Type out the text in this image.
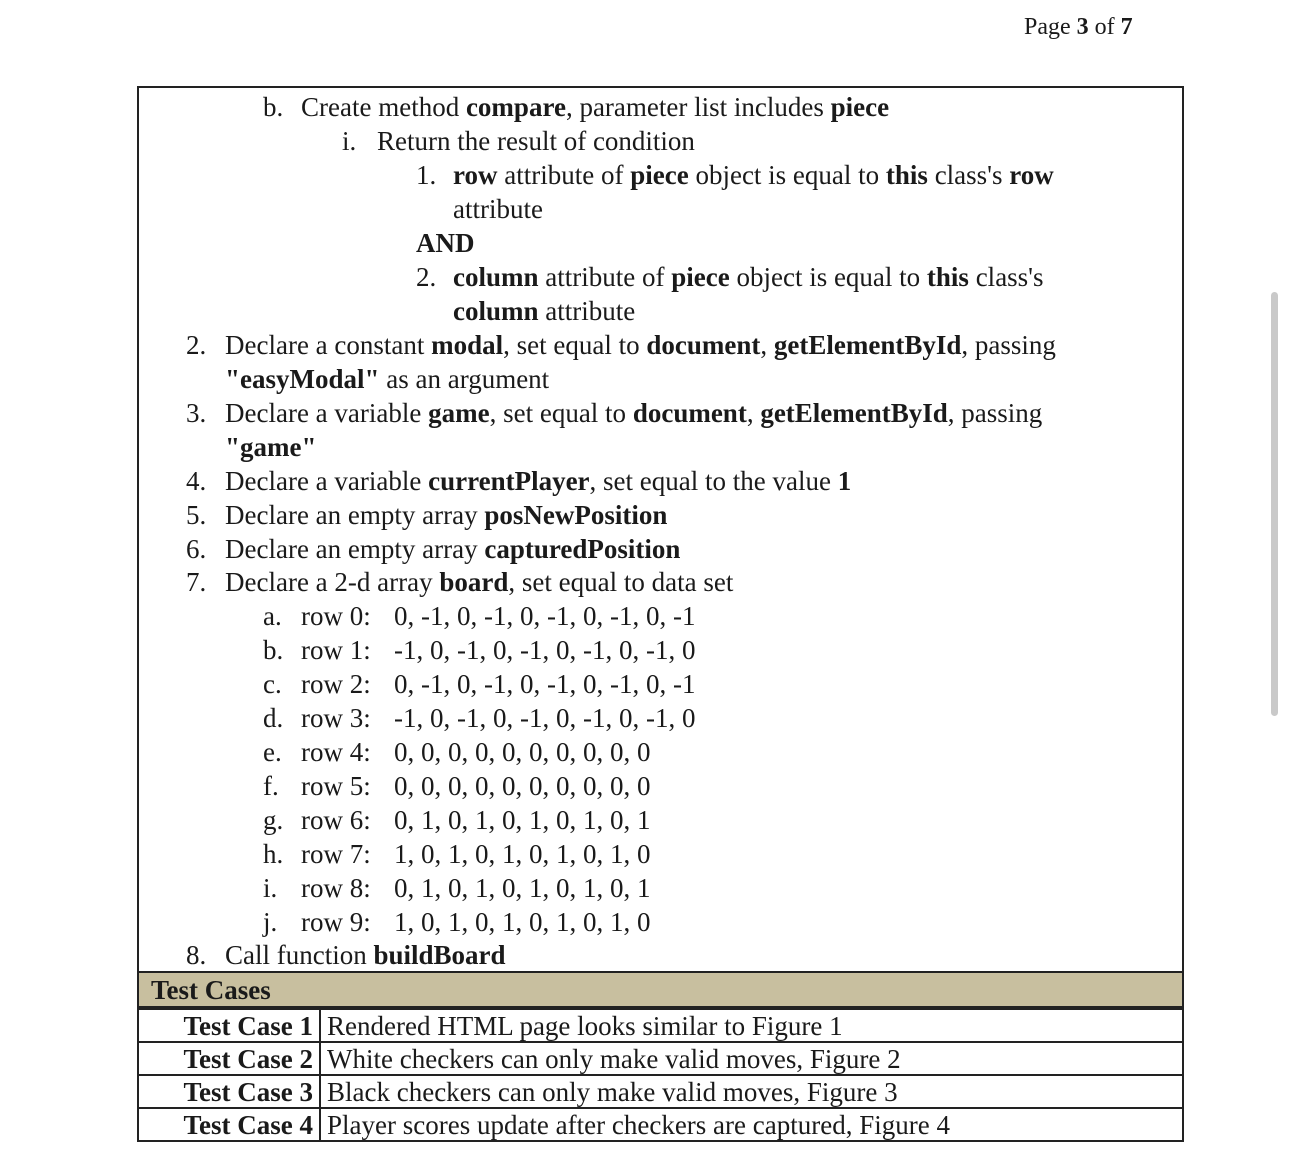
Page 3 of 7
b. Create method compare, parameter list includes piece
i. Return the result of condition
1. row attribute of piece object is equal to this class's row
attribute
AND
2. column attribute of piece object is equal to this class's
column attribute
2. Declare a constant modal, set equal to document, getElementById, passing
"easyModal" as an argument
3. Declare a variable game, set equal to document, getElementById, passing
"game"
4. Declare a variable currentPlayer, set equal to the value 1
5. Declare an empty array posNewPosition
6. Declare an empty array capturedPosition
7. Declare a 2-d array board, set equal to data set
a. row 0: 0, -1, 0, -1, 0, -1, 0, -1, 0, -1
b. row 1: -1, 0, -1, 0, -1, 0, -1, 0, -1, 0
c. row 2: 0, -1, 0, -1, 0, -1, 0, -1, 0, -1
d. row 3: -1, 0, -1, 0, -1, 0, -1, 0, -1, 0
e. row 4: 0, 0, 0, 0, 0, 0, 0, 0, 0, 0
f. row 5: 0, 0, 0, 0, 0, 0, 0, 0, 0, 0
g. row 6: 0, 1, 0, 1, 0, 1, 0, 1, 0, 1
h. row 7: 1, 0, 1, 0, 1, 0, 1, 0, 1, 0
i. row 8: 0, 1, 0, 1, 0, 1, 0, 1, 0, 1
j. row 9: 1, 0, 1, 0, 1, 0, 1, 0, 1, 0
8. Call function buildBoard
Test Cases
Test Case 1	Rendered HTML page looks similar to Figure 1
Test Case 2	White checkers can only make valid moves, Figure 2
Test Case 3	Black checkers can only make valid moves, Figure 3
Test Case 4	Player scores update after checkers are captured, Figure 4
